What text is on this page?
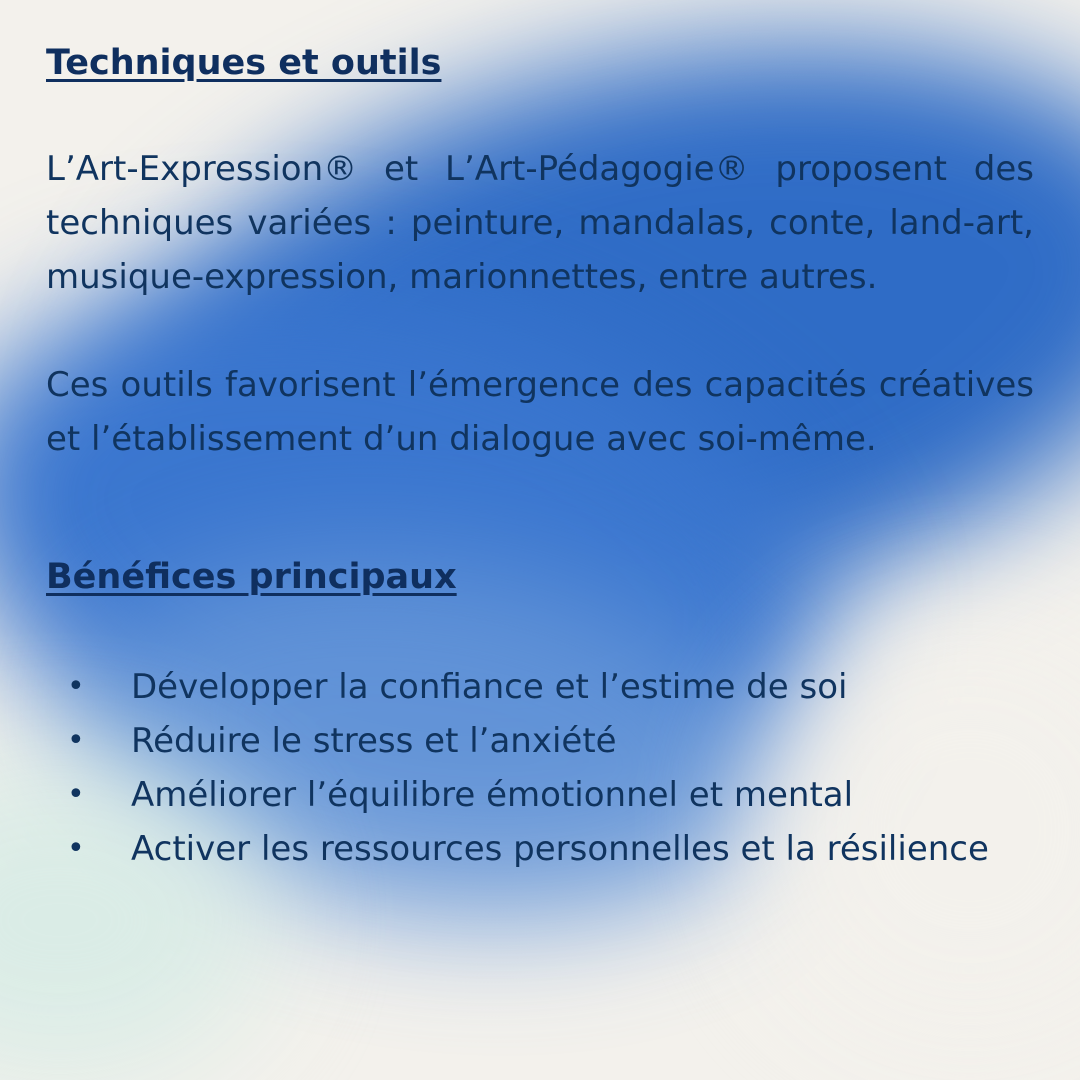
Techniques et outils

L’Art-Expression® et L’Art-Pédagogie® proposent des techniques variées : peinture, mandalas, conte, land-art, musique-expression, marionnettes, entre autres.

Ces outils favorisent l’émergence des capacités créatives et l’établissement d’un dialogue avec soi-même.

Bénéfices principaux
• Développer la confiance et l’estime de soi
• Réduire le stress et l’anxiété
• Améliorer l’équilibre émotionnel et mental
• Activer les ressources personnelles et la résilience
